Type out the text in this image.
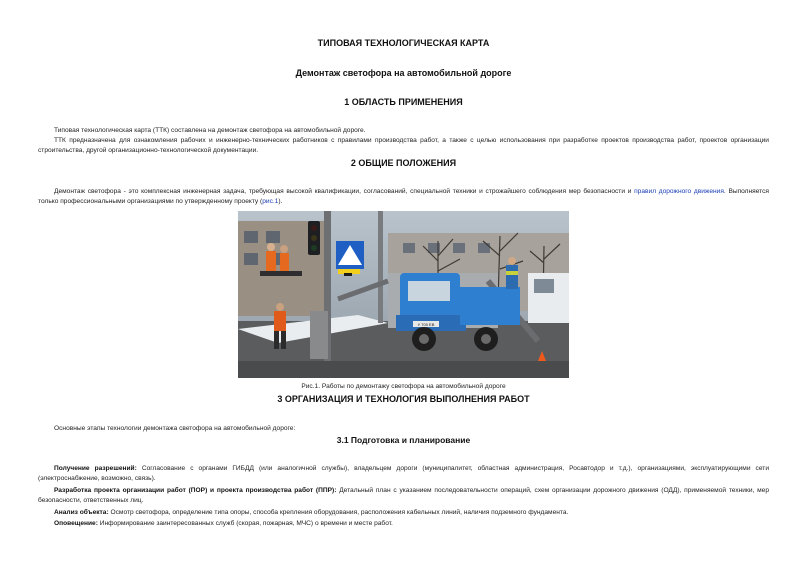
ТИПОВАЯ ТЕХНОЛОГИЧЕСКАЯ КАРТА
Демонтаж светофора на автомобильной дороге
1 ОБЛАСТЬ ПРИМЕНЕНИЯ
Типовая технологическая карта (ТТК) составлена на демонтаж светофора на автомобильной дороге.
ТТК предназначена для ознакомления рабочих и инженерно-технических работников с правилами производства работ, а также с целью использования при разработке проектов производства работ, проектов организации строительства, другой организационно-технологической документации.
2 ОБЩИЕ ПОЛОЖЕНИЯ
Демонтаж светофора - это комплексная инженерная задача, требующая высокой квалификации, согласований, специальной техники и строжайшего соблюдения мер безопасности и правил дорожного движения. Выполняется только профессиональными организациями по утвержденному проекту (рис.1).
У 700 ЕВ
Рис.1. Работы по демонтажу светофора на автомобильной дороге
3 ОРГАНИЗАЦИЯ И ТЕХНОЛОГИЯ ВЫПОЛНЕНИЯ РАБОТ
Основные этапы технологии демонтажа светофора на автомобильной дороге:
3.1 Подготовка и планирование
Получение разрешений: Согласование с органами ГИБДД (или аналогичной службы), владельцем дороги (муниципалитет, областная администрация, Росавтодор и т.д.), организациями, эксплуатирующими сети (электроснабжение, возможно, связь).
Разработка проекта организации работ (ПОР) и проекта производства работ (ППР): Детальный план с указанием последовательности операций, схем организации дорожного движения (ОДД), применяемой техники, мер безопасности, ответственных лиц.
Анализ объекта: Осмотр светофора, определение типа опоры, способа крепления оборудования, расположения кабельных линий, наличия подземного фундамента.
Оповещение: Информирование заинтересованных служб (скорая, пожарная, МЧС) о времени и месте работ.
